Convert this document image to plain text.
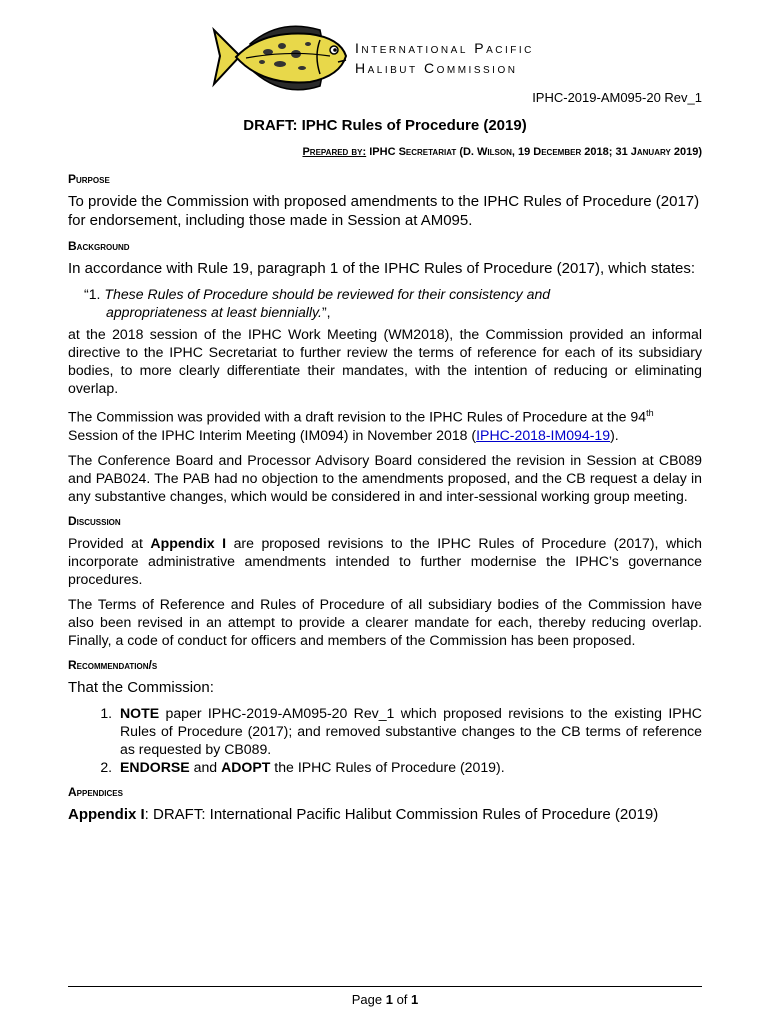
International Pacific
Halibut Commission
IPHC-2019-AM095-20 Rev_1
DRAFT: IPHC Rules of Procedure (2019)
Prepared by: IPHC Secretariat (D. Wilson, 19 December 2018; 31 January 2019)
Purpose

To provide the Commission with proposed amendments to the IPHC Rules of Procedure (2017) for endorsement, including those made in Session at AM095.

Background

In accordance with Rule 19, paragraph 1 of the IPHC Rules of Procedure (2017), which states:

“1. These Rules of Procedure should be reviewed for their consistency and
appropriateness at least biennially.”,

at the 2018 session of the IPHC Work Meeting (WM2018), the Commission provided an informal directive to the IPHC Secretariat to further review the terms of reference for each of its subsidiary bodies, to more clearly differentiate their mandates, with the intention of reducing or eliminating overlap.

The Commission was provided with a draft revision to the IPHC Rules of Procedure at the 94th Session of the IPHC Interim Meeting (IM094) in November 2018 (IPHC-2018-IM094-19).

The Conference Board and Processor Advisory Board considered the revision in Session at CB089 and PAB024. The PAB had no objection to the amendments proposed, and the CB request a delay in any substantive changes, which would be considered in and inter-sessional working group meeting.

Discussion

Provided at Appendix I are proposed revisions to the IPHC Rules of Procedure (2017), which incorporate administrative amendments intended to further modernise the IPHC’s governance procedures.

The Terms of Reference and Rules of Procedure of all subsidiary bodies of the Commission have also been revised in an attempt to provide a clearer mandate for each, thereby reducing overlap. Finally, a code of conduct for officers and members of the Commission has been proposed.

Recommendation/s

That the Commission:

1. NOTE paper IPHC-2019-AM095-20 Rev_1 which proposed revisions to the existing IPHC Rules of Procedure (2017); and removed substantive changes to the CB terms of reference as requested by CB089.
2. ENDORSE and ADOPT the IPHC Rules of Procedure (2019).
Appendices

Appendix I: DRAFT: International Pacific Halibut Commission Rules of Procedure (2019)

Page 1 of 1
